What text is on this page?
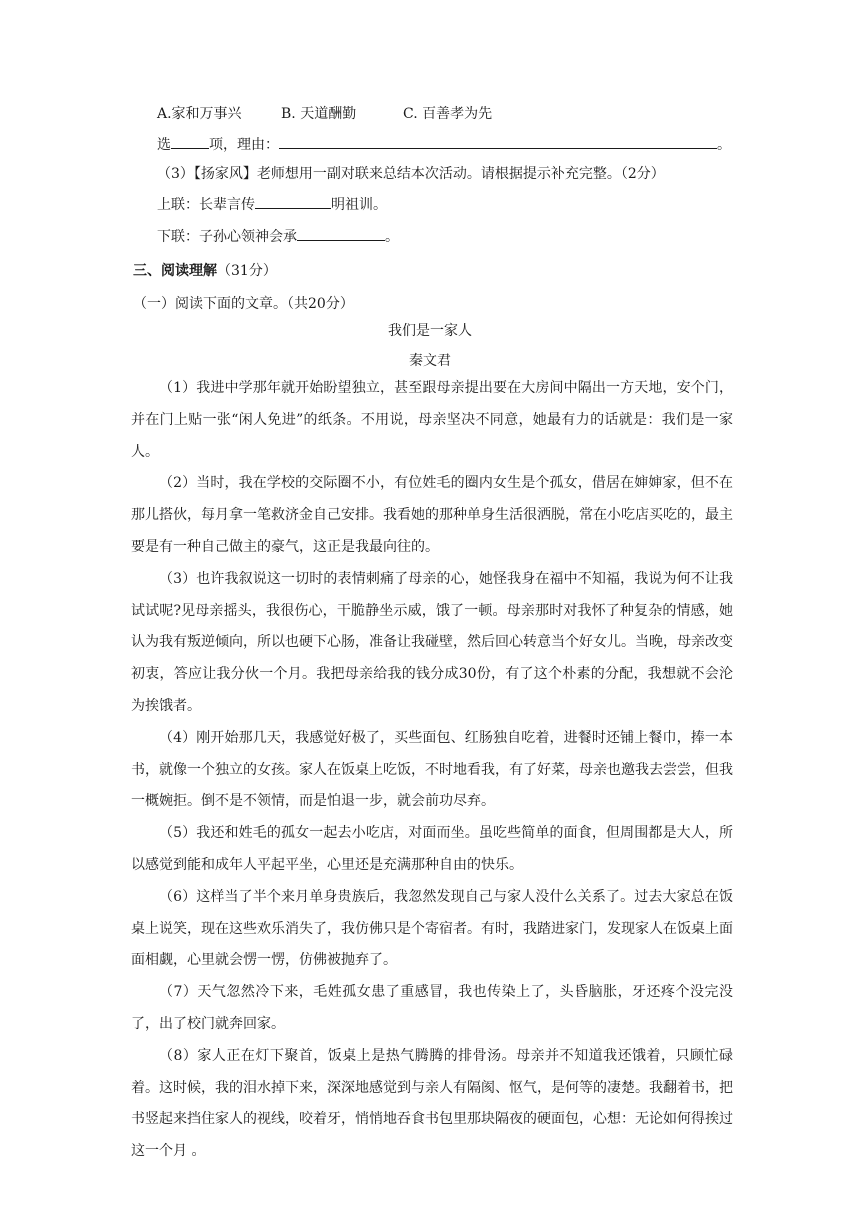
A.家和万事兴	B. 天道酬勤	C. 百善孝为先
选	项，理由：	。
（3）【扬家风】老师想用一副对联来总结本次活动。请根据提示补充完整。（2分）
上联：长辈言传	明祖训。
下联：子孙心领神会承	。
三、阅读理解（31分）
（一）阅读下面的文章。（共20分）
我们是一家人
秦文君

（1）我进中学那年就开始盼望独立，甚至跟母亲提出要在大房间中隔出一方天地，安个门，并在门上贴一张“闲人免进”的纸条。不用说，母亲坚决不同意，她最有力的话就是：我们是一家人。

（2）当时，我在学校的交际圈不小，有位姓毛的圈内女生是个孤女，借居在婶婶家，但不在那儿搭伙，每月拿一笔救济金自己安排。我看她的那种单身生活很洒脱，常在小吃店买吃的，最主要是有一种自己做主的豪气，这正是我最向往的。

（3）也许我叙说这一切时的表情刺痛了母亲的心，她怪我身在福中不知福，我说为何不让我试试呢?见母亲摇头，我很伤心，干脆静坐示威，饿了一顿。母亲那时对我怀了种复杂的情感，她认为我有叛逆倾向，所以也硬下心肠，准备让我碰壁，然后回心转意当个好女儿。当晚，母亲改变初衷，答应让我分伙一个月。我把母亲给我的钱分成30份，有了这个朴素的分配，我想就不会沦为挨饿者。

（4）刚开始那几天，我感觉好极了，买些面包、红肠独自吃着，进餐时还铺上餐巾，捧一本书，就像一个独立的女孩。家人在饭桌上吃饭，不时地看我，有了好菜，母亲也邀我去尝尝，但我一概婉拒。倒不是不领情，而是怕退一步，就会前功尽弃。

（5）我还和姓毛的孤女一起去小吃店，对面而坐。虽吃些简单的面食，但周围都是大人，所以感觉到能和成年人平起平坐，心里还是充满那种自由的快乐。

（6）这样当了半个来月单身贵族后，我忽然发现自己与家人没什么关系了。过去大家总在饭桌上说笑，现在这些欢乐消失了，我仿佛只是个寄宿者。有时，我踏进家门，发现家人在饭桌上面面相觑，心里就会愣一愣，仿佛被抛弃了。

（7）天气忽然冷下来，毛姓孤女患了重感冒，我也传染上了，头昏脑胀，牙还疼个没完没了，出了校门就奔回家。

（8）家人正在灯下聚首，饭桌上是热气腾腾的排骨汤。母亲并不知道我还饿着，只顾忙碌着。这时候，我的泪水掉下来，深深地感觉到与亲人有隔阂、怄气，是何等的凄楚。我翻着书，把书竖起来挡住家人的视线，咬着牙，悄悄地吞食书包里那块隔夜的硬面包，心想：无论如何得挨过这一个月 。
